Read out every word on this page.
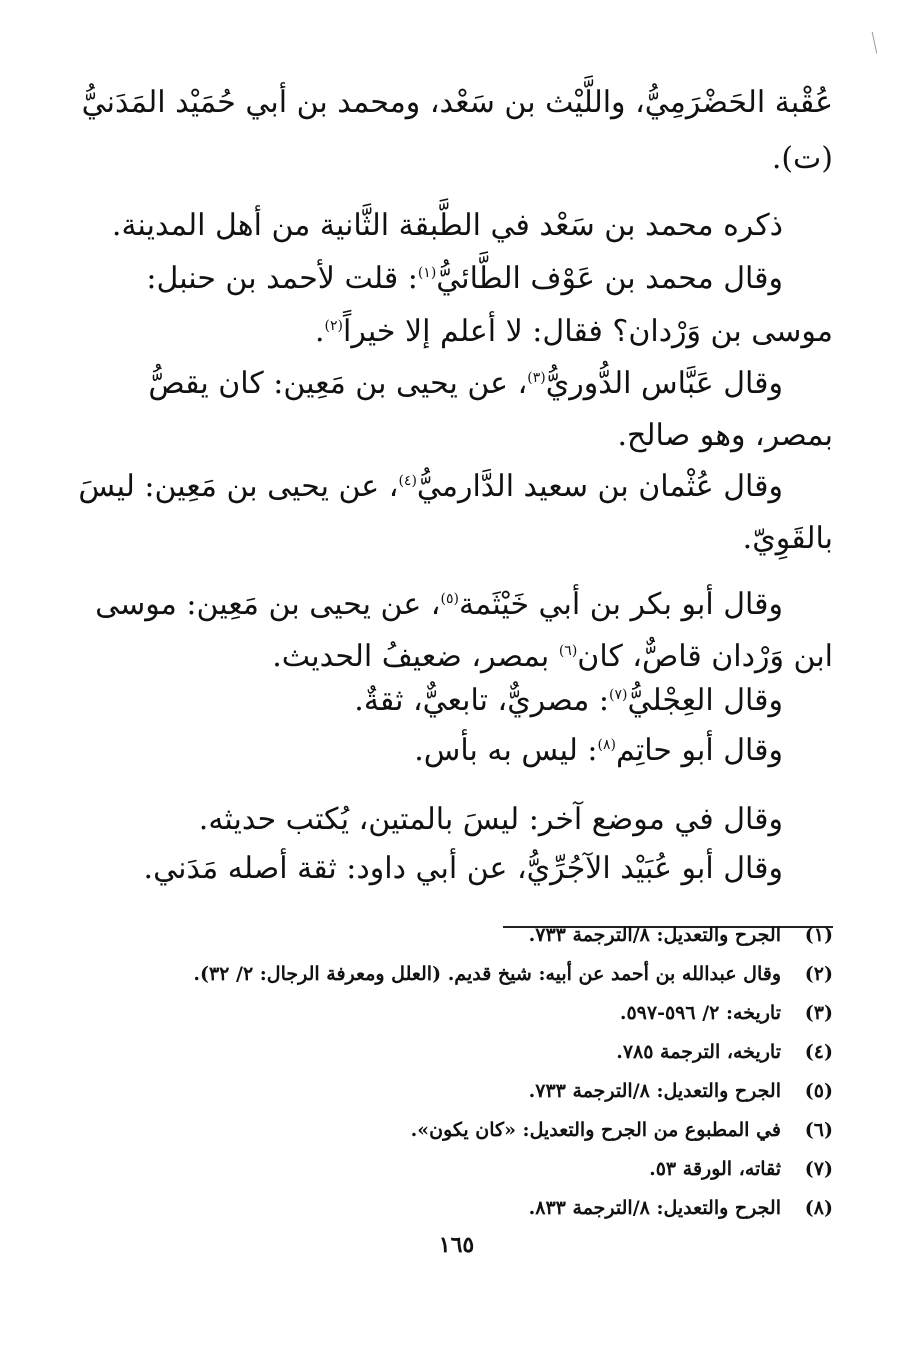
عُقْبة الحَضْرَمِيُّ، واللَّيْث بن سَعْد، ومحمد بن أبي حُمَيْد المَدَنيُّ
(ت).
ذكره محمد بن سَعْد في الطَّبقة الثَّانية من أهل المدينة.
وقال محمد بن عَوْف الطَّائيُّ$^{(١)}$: قلت لأحمد بن حنبل:
موسى بن وَرْدان؟ فقال: لا أعلم إلا خيراً$^{(٢)}$.
وقال عَبَّاس الدُّوريُّ$^{(٣)}$، عن يحيى بن مَعِين: كان يقصُّ
بمصر، وهو صالح.
وقال عُثْمان بن سعيد الدَّارميُّ$^{(٤)}$، عن يحيى بن مَعِين: ليسَ
بالقَوِيّ.
وقال أبو بكر بن أبي خَيْثَمة$^{(٥)}$، عن يحيى بن مَعِين: موسى
ابن وَرْدان قاصٌّ، كان$^{(٦)}$ بمصر، ضعيفُ الحديث.
وقال العِجْليُّ$^{(٧)}$: مصريٌّ، تابعيٌّ، ثقةٌ.
وقال أبو حاتِم$^{(٨)}$: ليس به بأس.
وقال في موضع آخر: ليسَ بالمتين، يُكتب حديثه.
وقال أبو عُبَيْد الآجُرِّيُّ، عن أبي داود: ثقة أصله مَدَني.
(١)الجرح والتعديل: ٨/الترجمة ٧٣٣.
(٢)وقال عبدالله بن أحمد عن أبيه: شيخ قديم. (العلل ومعرفة الرجال: ٢/ ٣٢).
(٣)تاريخه: ٢/ ٥٩٦-٥٩٧.
(٤)تاريخه، الترجمة ٧٨٥.
(٥)الجرح والتعديل: ٨/الترجمة ٧٣٣.
(٦)في المطبوع من الجرح والتعديل: «كان يكون».
(٧)ثقاته، الورقة ٥٣.
(٨)الجرح والتعديل: ٨/الترجمة ٨٣٣.
١٦٥
